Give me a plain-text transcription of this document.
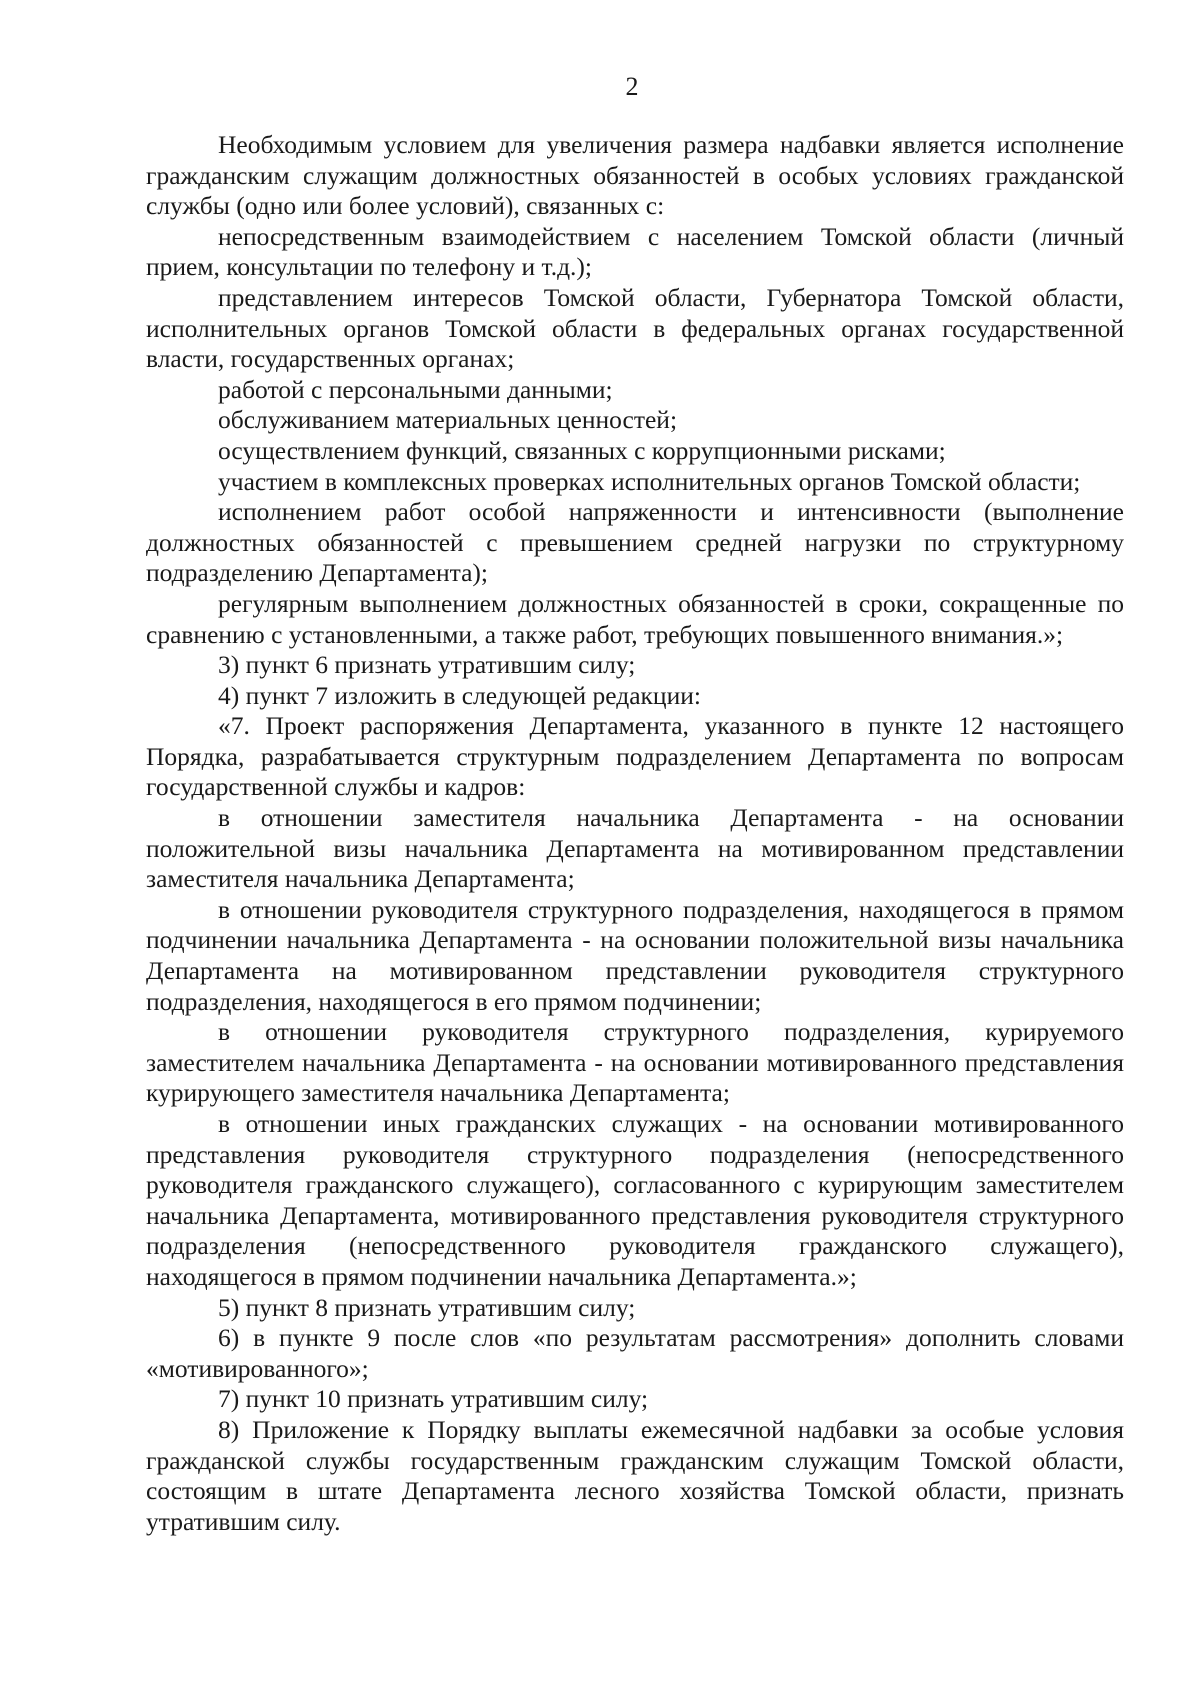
2

Необходимым условием для увеличения размера надбавки является исполнение гражданским служащим должностных обязанностей в особых условиях гражданской службы (одно или более условий), связанных с:

непосредственным взаимодействием с населением Томской области (личный прием, консультации по телефону и т.д.);

представлением интересов Томской области, Губернатора Томской области, исполнительных органов Томской области в федеральных органах государственной власти, государственных органах;

работой с персональными данными;

обслуживанием материальных ценностей;

осуществлением функций, связанных с коррупционными рисками;

участием в комплексных проверках исполнительных органов Томской области;

исполнением работ особой напряженности и интенсивности (выполнение должностных обязанностей с превышением средней нагрузки по структурному подразделению Департамента);

регулярным выполнением должностных обязанностей в сроки, сокращенные по сравнению с установленными, а также работ, требующих повышенного внимания.»;

3) пункт 6 признать утратившим силу;

4) пункт 7 изложить в следующей редакции:

«7. Проект распоряжения Департамента, указанного в пункте 12 настоящего Порядка, разрабатывается структурным подразделением Департамента по вопросам государственной службы и кадров:

в отношении заместителя начальника Департамента - на основании положительной визы начальника Департамента на мотивированном представлении заместителя начальника Департамента;

в отношении руководителя структурного подразделения, находящегося в прямом подчинении начальника Департамента - на основании положительной визы начальника Департамента на мотивированном представлении руководителя структурного подразделения, находящегося в его прямом подчинении;

в отношении руководителя структурного подразделения, курируемого заместителем начальника Департамента - на основании мотивированного представления курирующего заместителя начальника Департамента;

в отношении иных гражданских служащих - на основании мотивированного представления руководителя структурного подразделения (непосредственного руководителя гражданского служащего), согласованного с курирующим заместителем начальника Департамента, мотивированного представления руководителя структурного подразделения (непосредственного руководителя гражданского служащего), находящегося в прямом подчинении начальника Департамента.»;

5) пункт 8 признать утратившим силу;

6) в пункте 9 после слов «по результатам рассмотрения» дополнить словами «мотивированного»;

7) пункт 10 признать утратившим силу;

8) Приложение к Порядку выплаты ежемесячной надбавки за особые условия гражданской службы государственным гражданским служащим Томской области, состоящим в штате Департамента лесного хозяйства Томской области, признать утратившим силу.
